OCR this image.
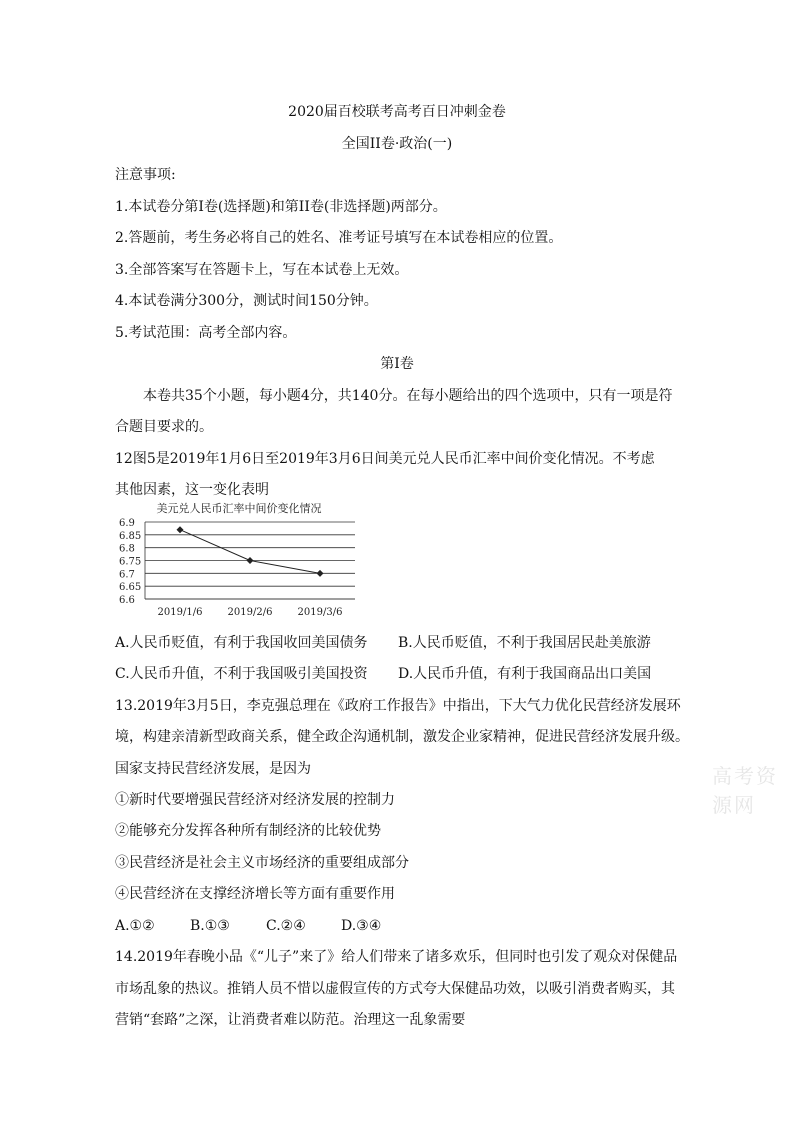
2020届百校联考高考百日冲刺金卷
全国II卷·政治(一)
注意事项:
1.本试卷分第I卷(选择题)和第II卷(非选择题)两部分。
2.答题前，考生务必将自己的姓名、准考证号填写在本试卷相应的位置。
3.全部答案写在答题卡上，写在本试卷上无效。
4.本试卷满分300分，测试时间150分钟。
5.考试范围：高考全部内容。
第I卷
本卷共35个小题，每小题4分，共140分。在每小题给出的四个选项中，只有一项是符
合题目要求的。
12图5是2019年1月6日至2019年3月6日间美元兑人民币汇率中间价变化情况。不考虑
其他因素，这一变化表明
美元兑人民币汇率中间价变化情况
6.9
6.85
6.8
6.75
6.7
6.65
6.6
2019/1/6	2019/2/6	2019/3/6
A.人民币贬值，有利于我国收回美国债务 B.人民币贬值，不利于我国居民赴美旅游
C.人民币升值，不利于我国吸引美国投资 D.人民币升值，有利于我国商品出口美国
13.2019年3月5日，李克强总理在《政府工作报告》中指出，下大气力优化民营经济发展环
境，构建亲清新型政商关系，健全政企沟通机制，激发企业家精神，促进民营经济发展升级。
国家支持民营经济发展，是因为
①新时代要增强民营经济对经济发展的控制力
②能够充分发挥各种所有制经济的比较优势
③民营经济是社会主义市场经济的重要组成部分
④民营经济在支撑经济增长等方面有重要作用
A.①②	B.①③	C.②④	D.③④
14.2019年春晚小品《“儿子”来了》给人们带来了诸多欢乐，但同时也引发了观众对保健品
市场乱象的热议。推销人员不惜以虚假宣传的方式夸大保健品功效，以吸引消费者购买，其
营销“套路”之深，让消费者难以防范。治理这一乱象需要
高考资源网
